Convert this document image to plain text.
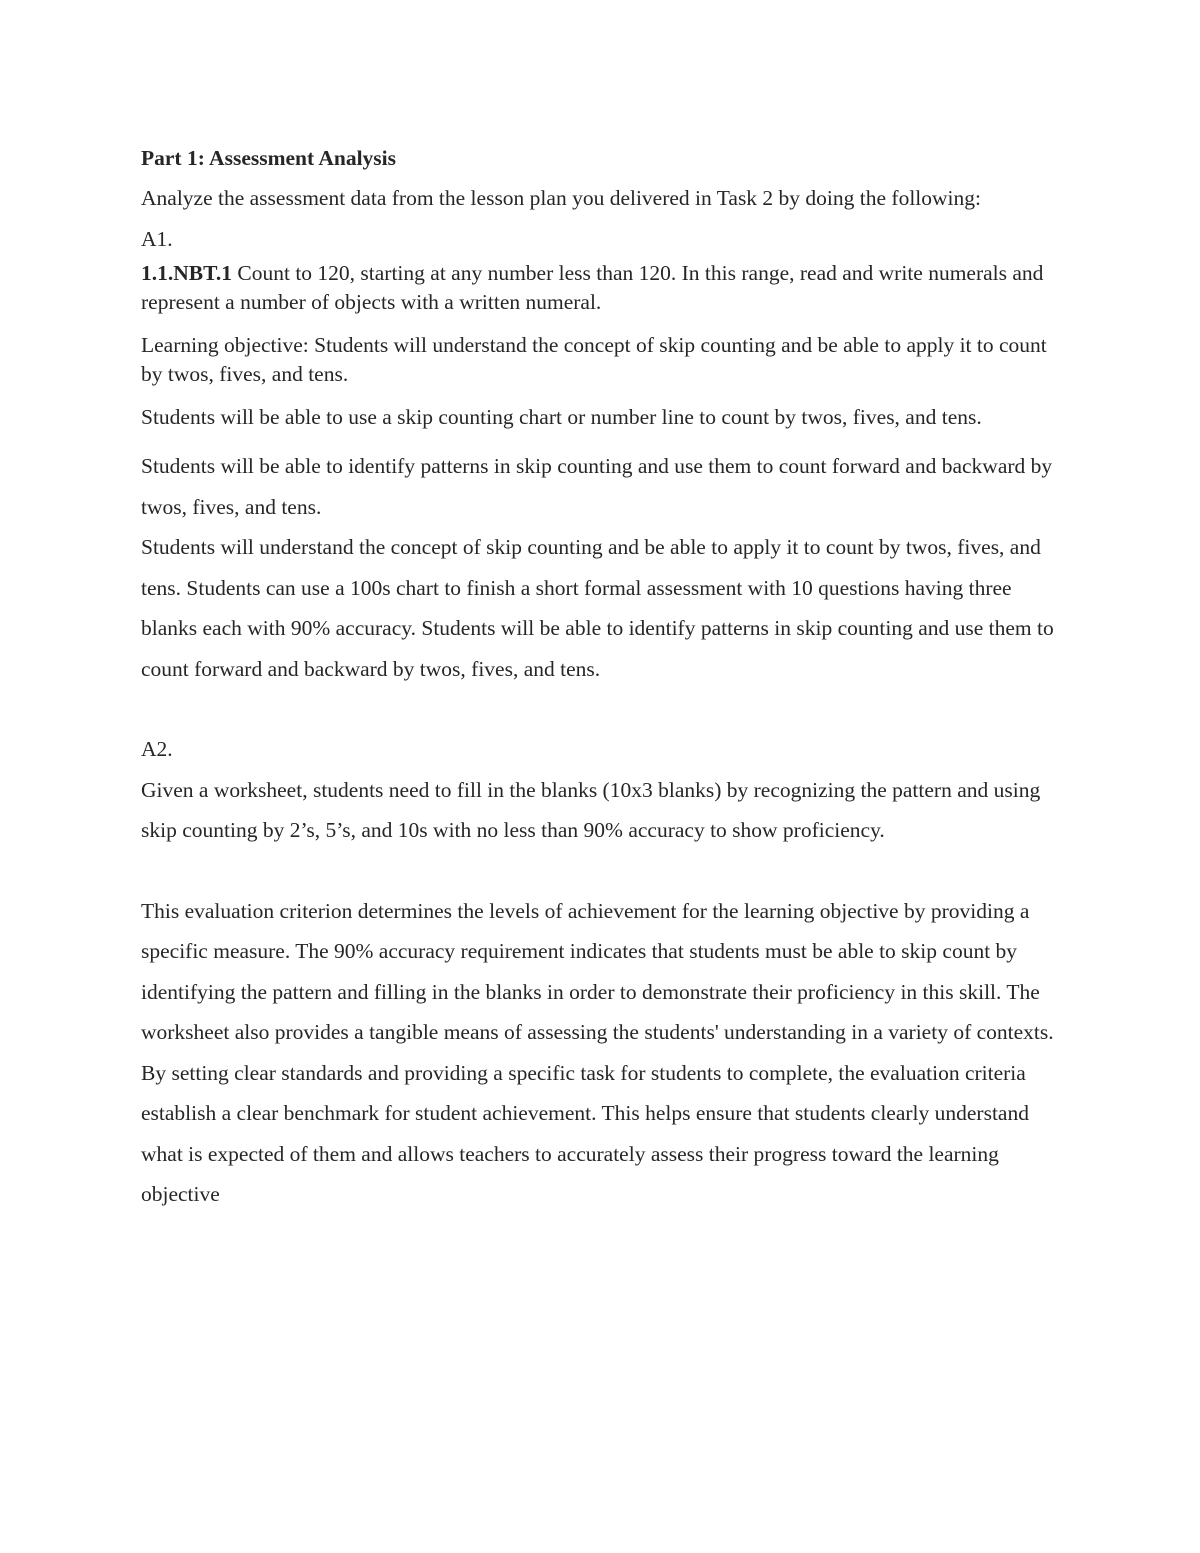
Part 1: Assessment Analysis

Analyze the assessment data from the lesson plan you delivered in Task 2 by doing the following:

A1.

1.1.NBT.1 Count to 120, starting at any number less than 120. In this range, read and write numerals and represent a number of objects with a written numeral.

Learning objective: Students will understand the concept of skip counting and be able to apply it to count by twos, fives, and tens.

Students will be able to use a skip counting chart or number line to count by twos, fives, and tens.

Students will be able to identify patterns in skip counting and use them to count forward and backward by twos, fives, and tens.

Students will understand the concept of skip counting and be able to apply it to count by twos, fives, and tens. Students can use a 100s chart to finish a short formal assessment with 10 questions having three blanks each with 90% accuracy. Students will be able to identify patterns in skip counting and use them to count forward and backward by twos, fives, and tens.

A2.

Given a worksheet, students need to fill in the blanks (10x3 blanks) by recognizing the pattern and using skip counting by 2’s, 5’s, and 10s with no less than 90% accuracy to show proficiency.

This evaluation criterion determines the levels of achievement for the learning objective by providing a specific measure. The 90% accuracy requirement indicates that students must be able to skip count by identifying the pattern and filling in the blanks in order to demonstrate their proficiency in this skill. The worksheet also provides a tangible means of assessing the students' understanding in a variety of contexts.

By setting clear standards and providing a specific task for students to complete, the evaluation criteria establish a clear benchmark for student achievement. This helps ensure that students clearly understand what is expected of them and allows teachers to accurately assess their progress toward the learning objective
